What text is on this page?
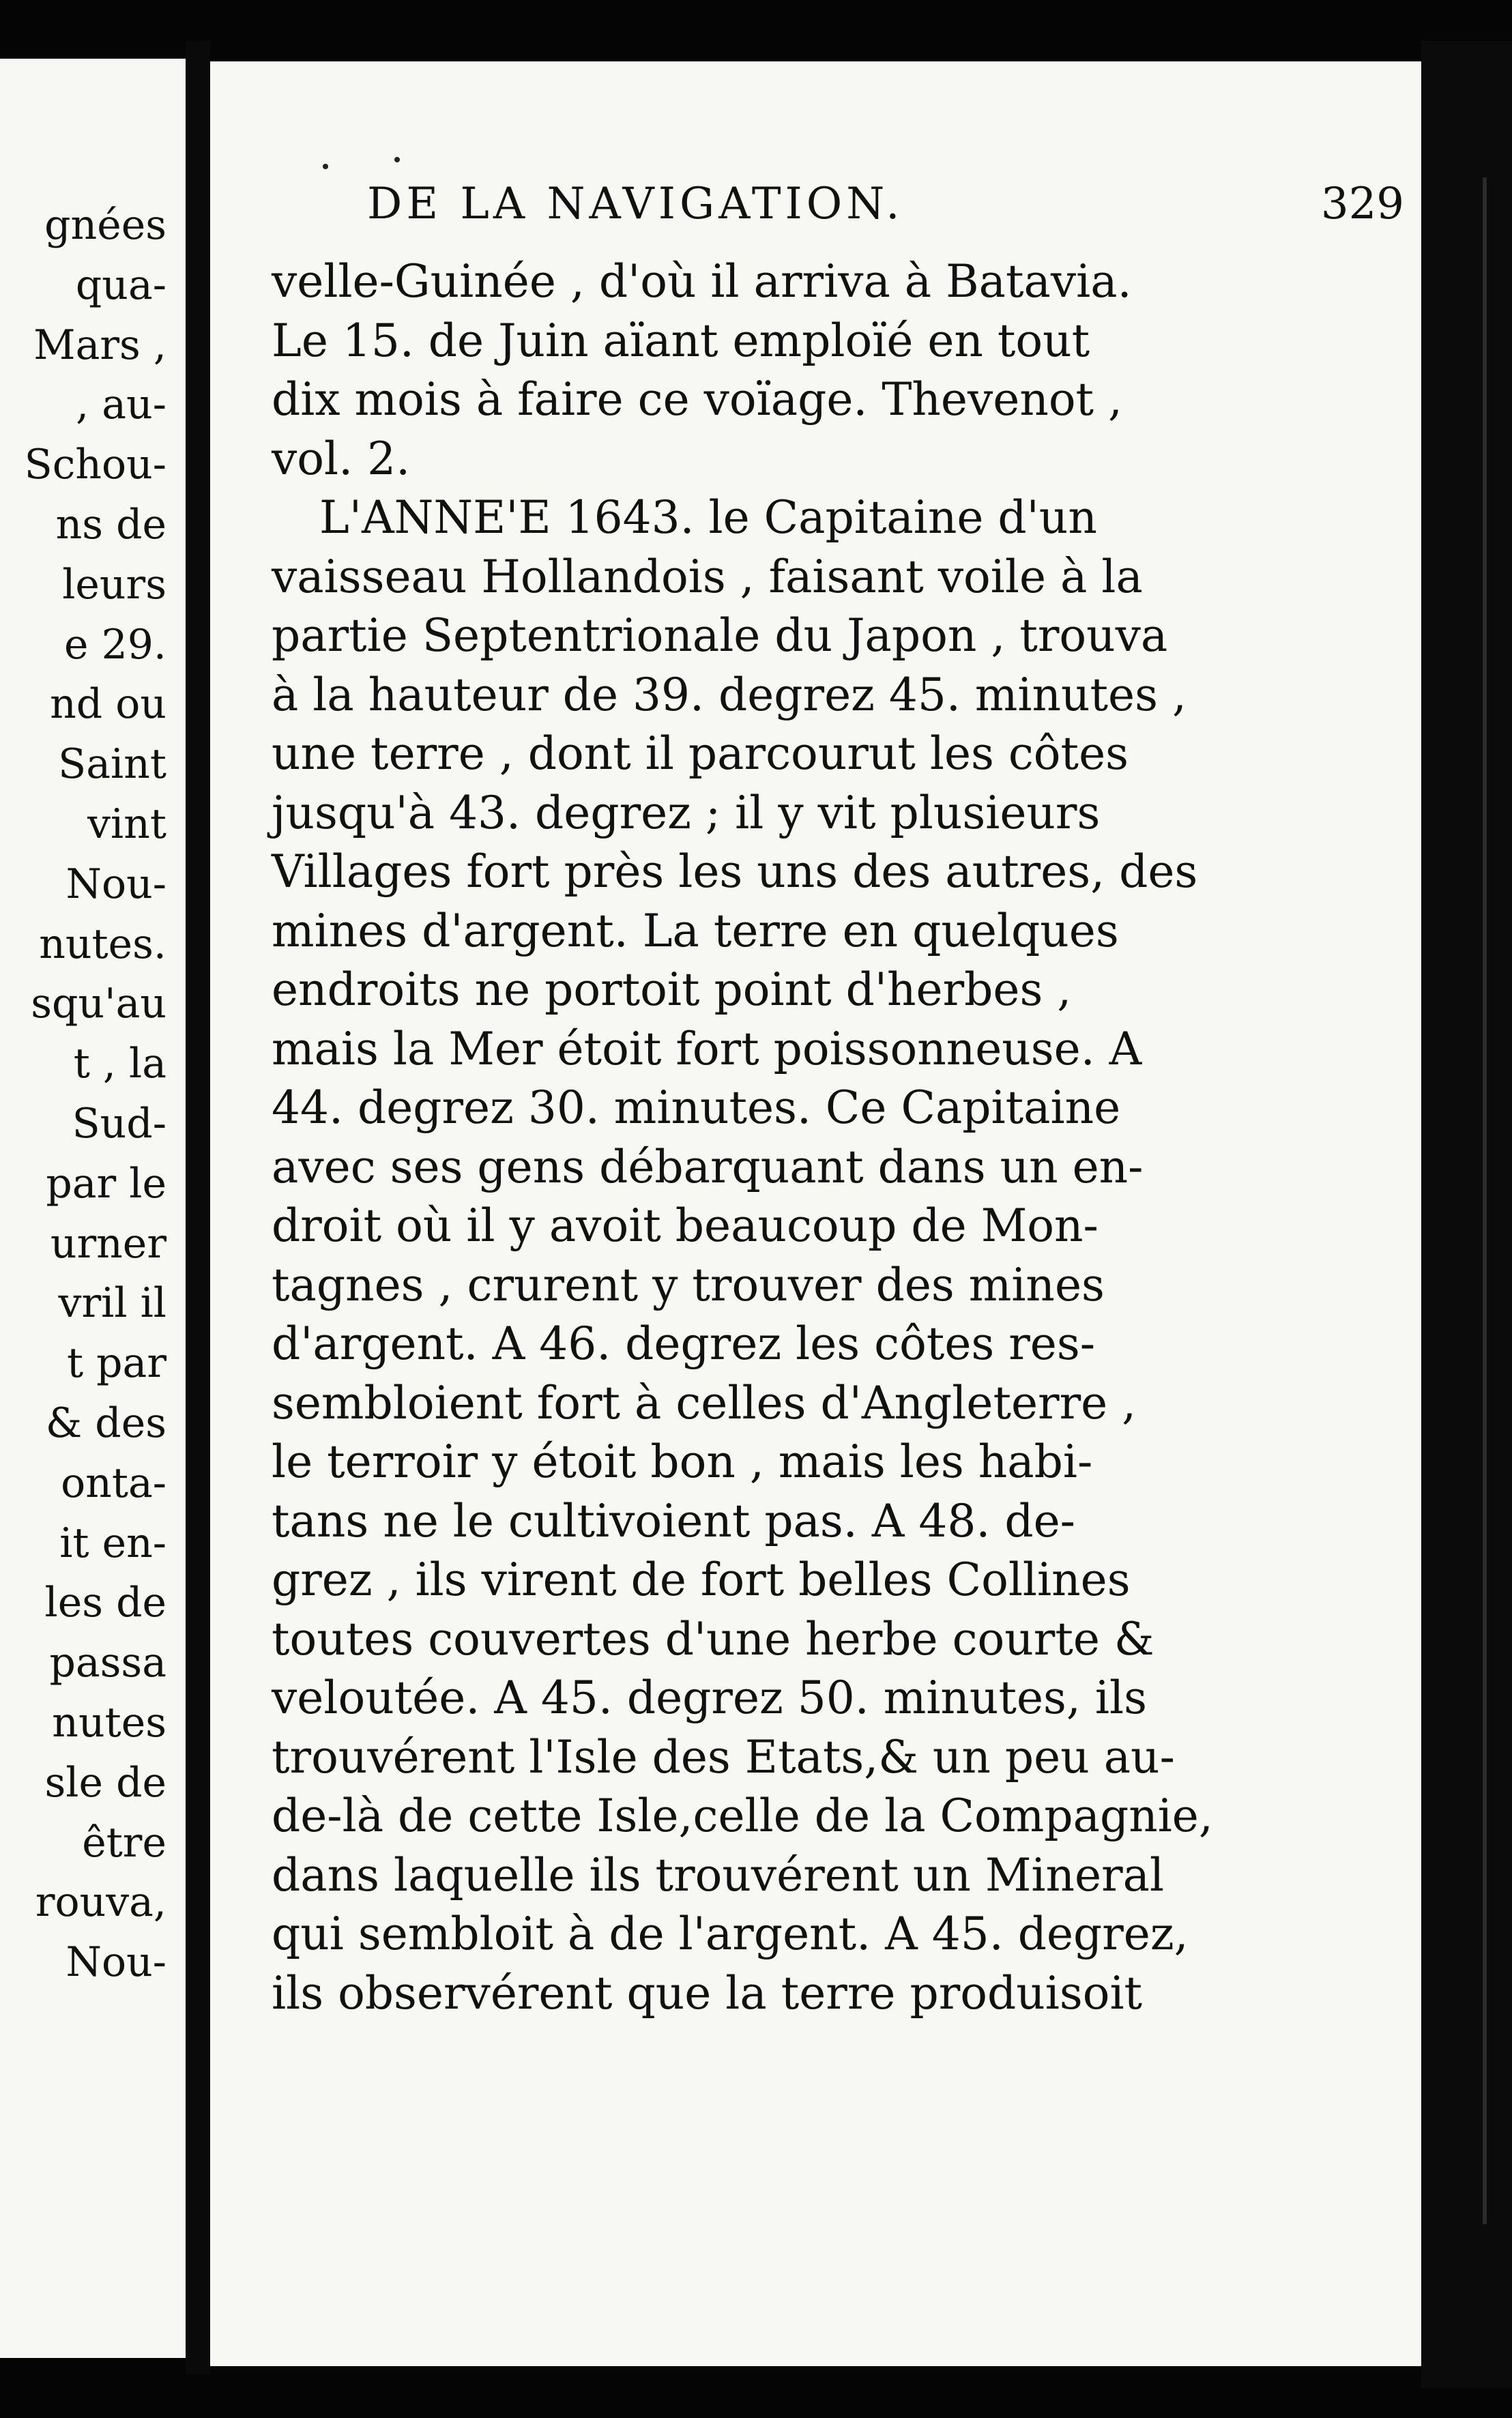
gnées
qua-
Mars ,
, au-
Schou-
ns de
leurs
e 29.
nd ou
Saint
vint
Nou-
nutes.
squ'au
t , la
Sud-
par le
urner
vril il
t par
& des
onta-
it en-
les de
passa
nutes
sle de
être
rouva,
Nou-
DE LA NAVIGATION.	329
velle-Guinée , d'où il arriva à Batavia.
Le 15. de Juin aïant emploïé en tout
dix mois à faire ce voïage. Thevenot ,
vol. 2.
L'ANNE'E 1643. le Capitaine d'un
vaisseau Hollandois , faisant voile à la
partie Septentrionale du Japon , trouva
à la hauteur de 39. degrez 45. minutes ,
une terre , dont il parcourut les côtes
jusqu'à 43. degrez ; il y vit plusieurs
Villages fort près les uns des autres, des
mines d'argent. La terre en quelques
endroits ne portoit point d'herbes ,
mais la Mer étoit fort poissonneuse. A
44. degrez 30. minutes. Ce Capitaine
avec ses gens débarquant dans un en-
droit où il y avoit beaucoup de Mon-
tagnes , crurent y trouver des mines
d'argent. A 46. degrez les côtes res-
sembloient fort à celles d'Angleterre ,
le terroir y étoit bon , mais les habi-
tans ne le cultivoient pas. A 48. de-
grez , ils virent de fort belles Collines
toutes couvertes d'une herbe courte &
veloutée. A 45. degrez 50. minutes, ils
trouvérent l'Isle des Etats,& un peu au-
de-là de cette Isle,celle de la Compagnie,
dans laquelle ils trouvérent un Mineral
qui sembloit à de l'argent. A 45. degrez,
ils observérent que la terre produisoit
